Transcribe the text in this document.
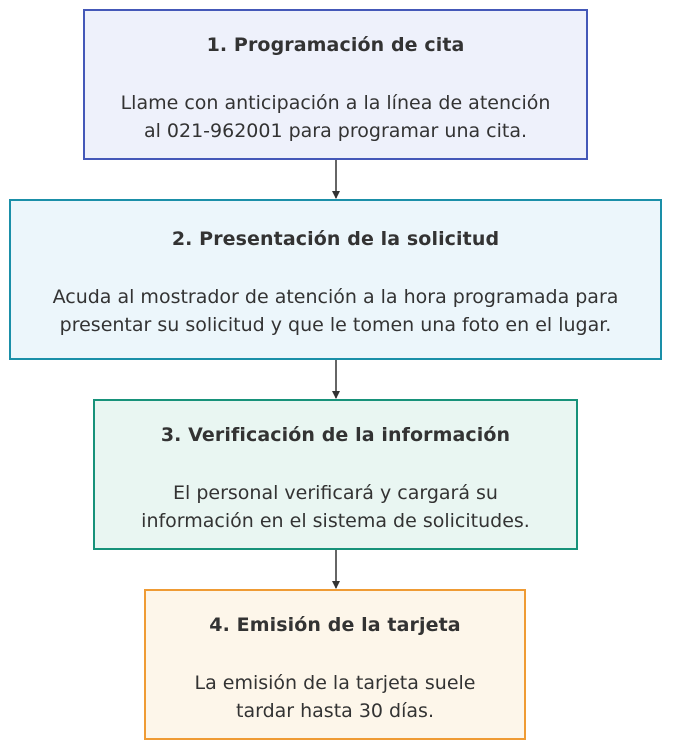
1. Programación de cita
Llame con anticipación a la línea de atención
al 021-962001 para programar una cita.
2. Presentación de la solicitud
Acuda al mostrador de atención a la hora programada para
presentar su solicitud y que le tomen una foto en el lugar.
3. Verificación de la información
El personal verificará y cargará su
información en el sistema de solicitudes.
4. Emisión de la tarjeta
La emisión de la tarjeta suele
tardar hasta 30 días.
